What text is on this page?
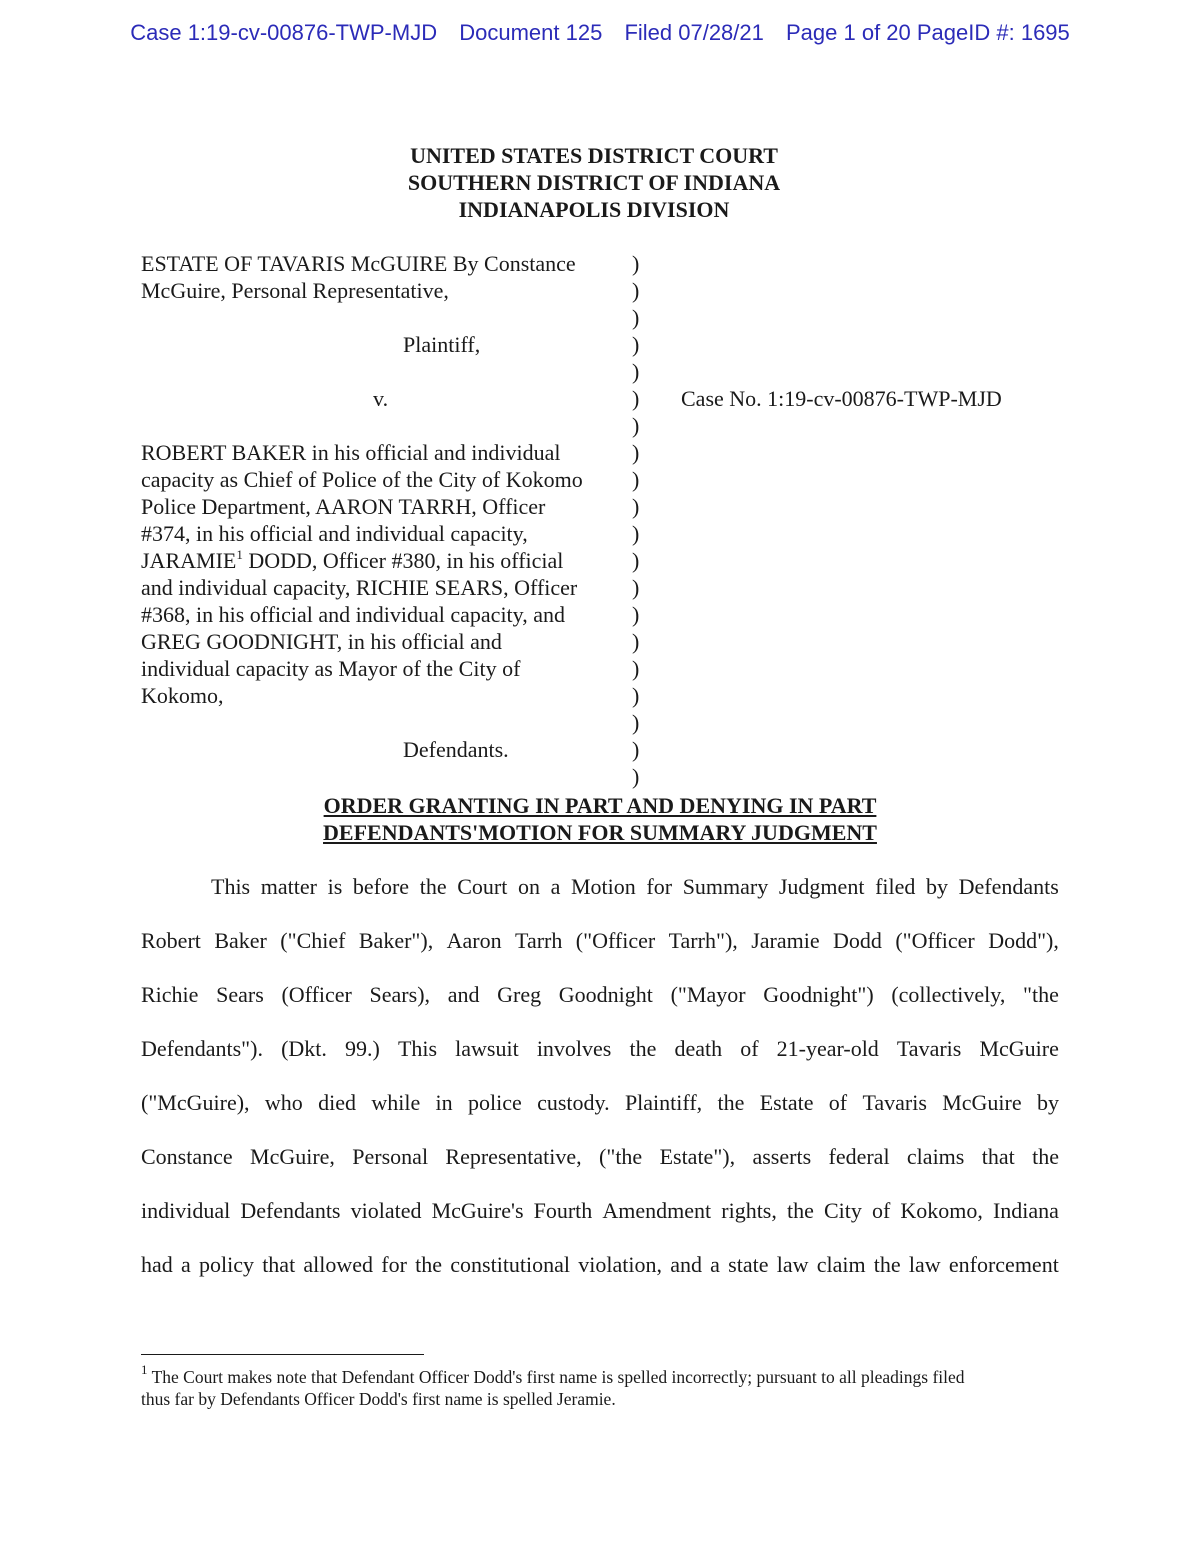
Case 1:19-cv-00876-TWP-MJD Document 125 Filed 07/28/21 Page 1 of 20 PageID #: 1695
UNITED STATES DISTRICT COURT
SOUTHERN DISTRICT OF INDIANA
INDIANAPOLIS DIVISION
ESTATE OF TAVARIS McGUIRE By Constance
McGuire, Personal Representative,
Plaintiff,
v.
ROBERT BAKER in his official and individual
capacity as Chief of Police of the City of Kokomo
Police Department, AARON TARRH, Officer
#374, in his official and individual capacity,
JARAMIE$^1$ DODD, Officer #380, in his official
and individual capacity, RICHIE SEARS, Officer
#368, in his official and individual capacity, and
GREG GOODNIGHT, in his official and
individual capacity as Mayor of the City of
Kokomo,
Defendants.
)
)
)
)
)
)
)
)
)
)
)
)
)
)
)
)
)
)
)
)
Case No. 1:19-cv-00876-TWP-MJD
ORDER GRANTING IN PART AND DENYING IN PART
DEFENDANTS'MOTION FOR SUMMARY JUDGMENT
This matter is before the Court on a Motion for Summary Judgment filed by Defendants
Robert Baker ("Chief Baker"), Aaron Tarrh ("Officer Tarrh"), Jaramie Dodd ("Officer Dodd"),
Richie Sears (Officer Sears), and Greg Goodnight ("Mayor Goodnight") (collectively, "the
Defendants"). (Dkt. 99.) This lawsuit involves the death of 21-year-old Tavaris McGuire
("McGuire), who died while in police custody. Plaintiff, the Estate of Tavaris McGuire by
Constance McGuire, Personal Representative, ("the Estate"), asserts federal claims that the
individual Defendants violated McGuire's Fourth Amendment rights, the City of Kokomo, Indiana
had a policy that allowed for the constitutional violation, and a state law claim the law enforcement
$^1$ The Court makes note that Defendant Officer Dodd's first name is spelled incorrectly; pursuant to all pleadings filed
thus far by Defendants Officer Dodd's first name is spelled Jeramie.
